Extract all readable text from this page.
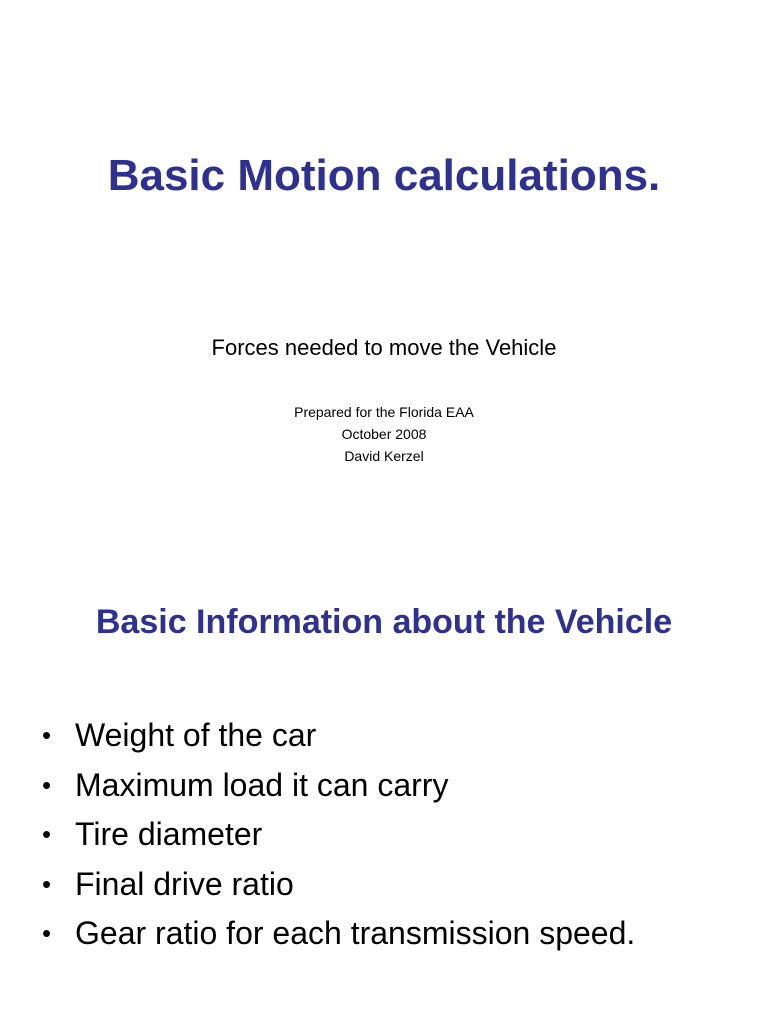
Basic Motion calculations.

Forces needed to move the Vehicle

Prepared for the Florida EAA
October 2008
David Kerzel
Basic Information about the Vehicle
• Weight of the car
• Maximum load it can carry
• Tire diameter
• Final drive ratio
• Gear ratio for each transmission speed.
